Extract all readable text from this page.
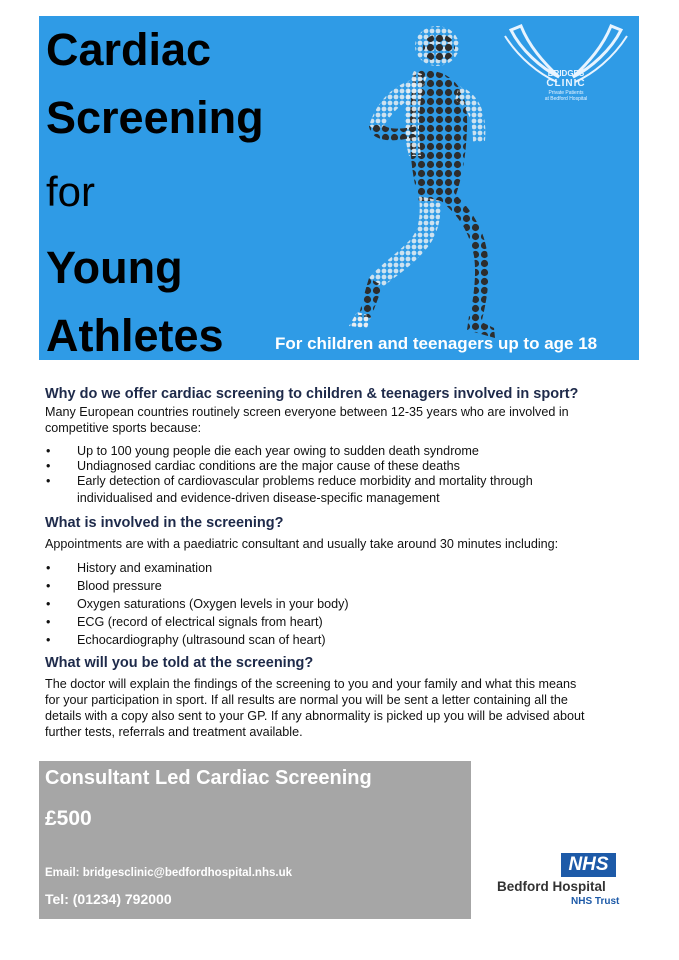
Cardiac
Screening
for
Young
Athletes
BRIDGES
CLINIC
Private Patients
at Bedford Hospital
For children and teenagers up to age 18
Why do we offer cardiac screening to children & teenagers involved in sport?

Many European countries routinely screen everyone between 12-35 years who are involved in competitive sports because:

• Up to 100 young people die each year owing to sudden death syndrome
• Undiagnosed cardiac conditions are the major cause of these deaths
• Early detection of cardiovascular problems reduce morbidity and mortality through
individualised and evidence-driven disease-specific management
What is involved in the screening?

Appointments are with a paediatric consultant and usually take around 30 minutes including:

• History and examination
• Blood pressure
• Oxygen saturations (Oxygen levels in your body)
• ECG (record of electrical signals from heart)
• Echocardiography (ultrasound scan of heart)
What will you be told at the screening?

The doctor will explain the findings of the screening to you and your family and what this means

for your participation in sport. If all results are normal you will be sent a letter containing all the

details with a copy also sent to your GP. If any abnormality is picked up you will be advised about

further tests, referrals and treatment available.

Consultant Led Cardiac Screening
£500
Email: bridgesclinic@bedfordhospital.nhs.uk
Tel: (01234) 792000
NHS
Bedford Hospital
NHS Trust
